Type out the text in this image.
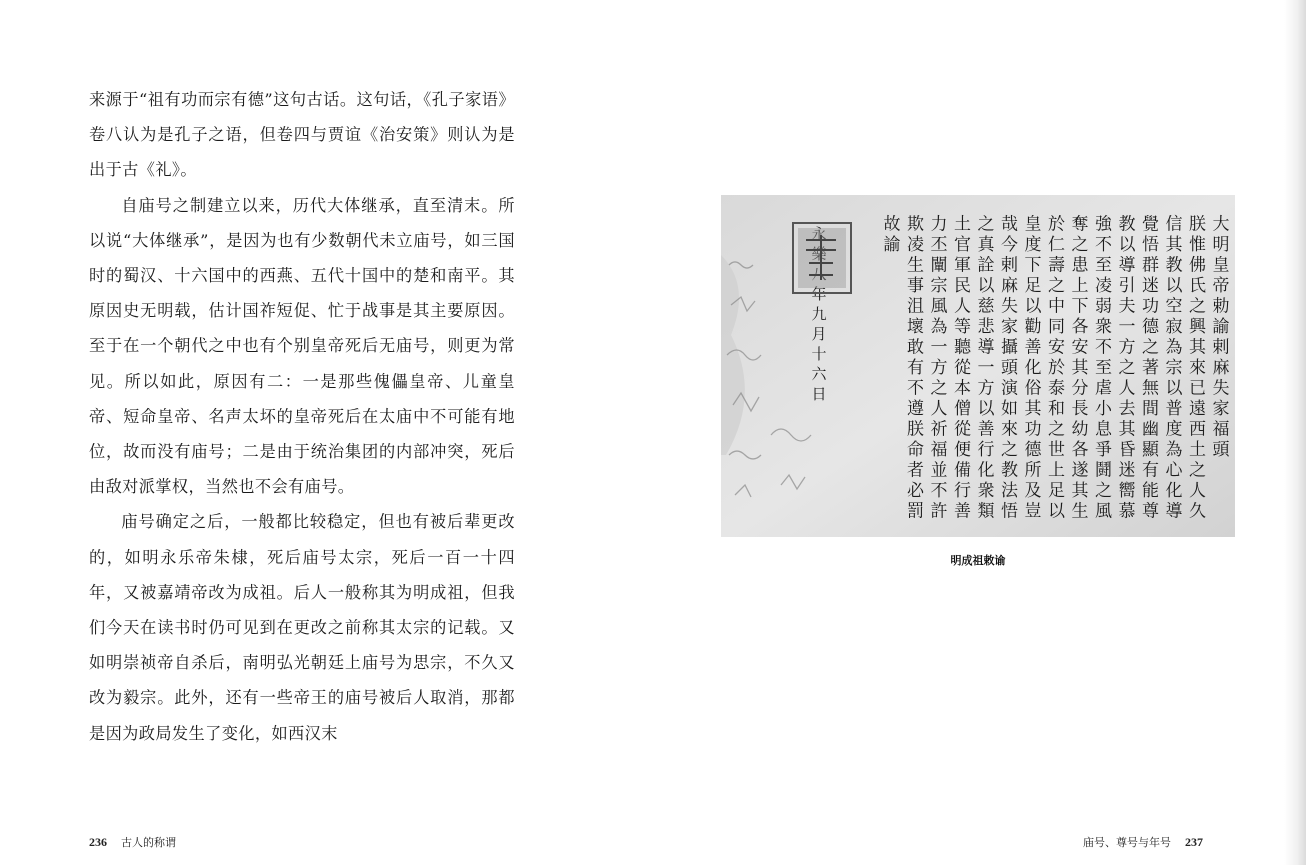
来源于“祖有功而宗有德”这句古话。这句话，《孔子家语》卷八认为是孔子之语，但卷四与贾谊《治安策》则认为是出于古《礼》。

自庙号之制建立以来，历代大体继承，直至清末。所以说“大体继承”，是因为也有少数朝代未立庙号，如三国时的蜀汉、十六国中的西燕、五代十国中的楚和南平。其原因史无明载，估计国祚短促、忙于战事是其主要原因。至于在一个朝代之中也有个别皇帝死后无庙号，则更为常见。所以如此，原因有二：一是那些傀儡皇帝、儿童皇帝、短命皇帝、名声太坏的皇帝死后在太庙中不可能有地位，故而没有庙号；二是由于统治集团的内部冲突，死后由敌对派掌权，当然也不会有庙号。

庙号确定之后，一般都比较稳定，但也有被后辈更改的，如明永乐帝朱棣，死后庙号太宗，死后一百一十四年，又被嘉靖帝改为成祖。后人一般称其为明成祖，但我们今天在读书时仍可见到在更改之前称其太宗的记载。又如明崇祯帝自杀后，南明弘光朝廷上庙号为思宗，不久又改为毅宗。此外，还有一些帝王的庙号被后人取消，那都是因为政局发生了变化，如西汉末

236 古人的称谓
大明皇帝勅諭剌麻失家福頭
朕惟佛氏之興其來已遠西土之人久
信其教以空寂為宗以普度為心化導
覺悟群迷功德之著無間幽顯有能尊
教以導引夫一方之人去其昏迷嚮慕
強不至凌弱衆不至虐小息爭鬪之風
奪之患上下各安其分長幼各遂其生
於仁壽之中同安於泰和之世上足以
皇度下足以勸善化俗其功德所及豈
哉今剌麻失家攝頭演如來之教法悟
之真詮以慈悲導一方以善行化衆類
土官軍民人等聽從本僧從便備行善
力丕闡宗風為一方之人祈福並不許
欺凌生事沮壞敢有不遵朕命者必罰
故諭
永樂八年九月十六日
明成祖敕谕
庙号、尊号与年号 237
